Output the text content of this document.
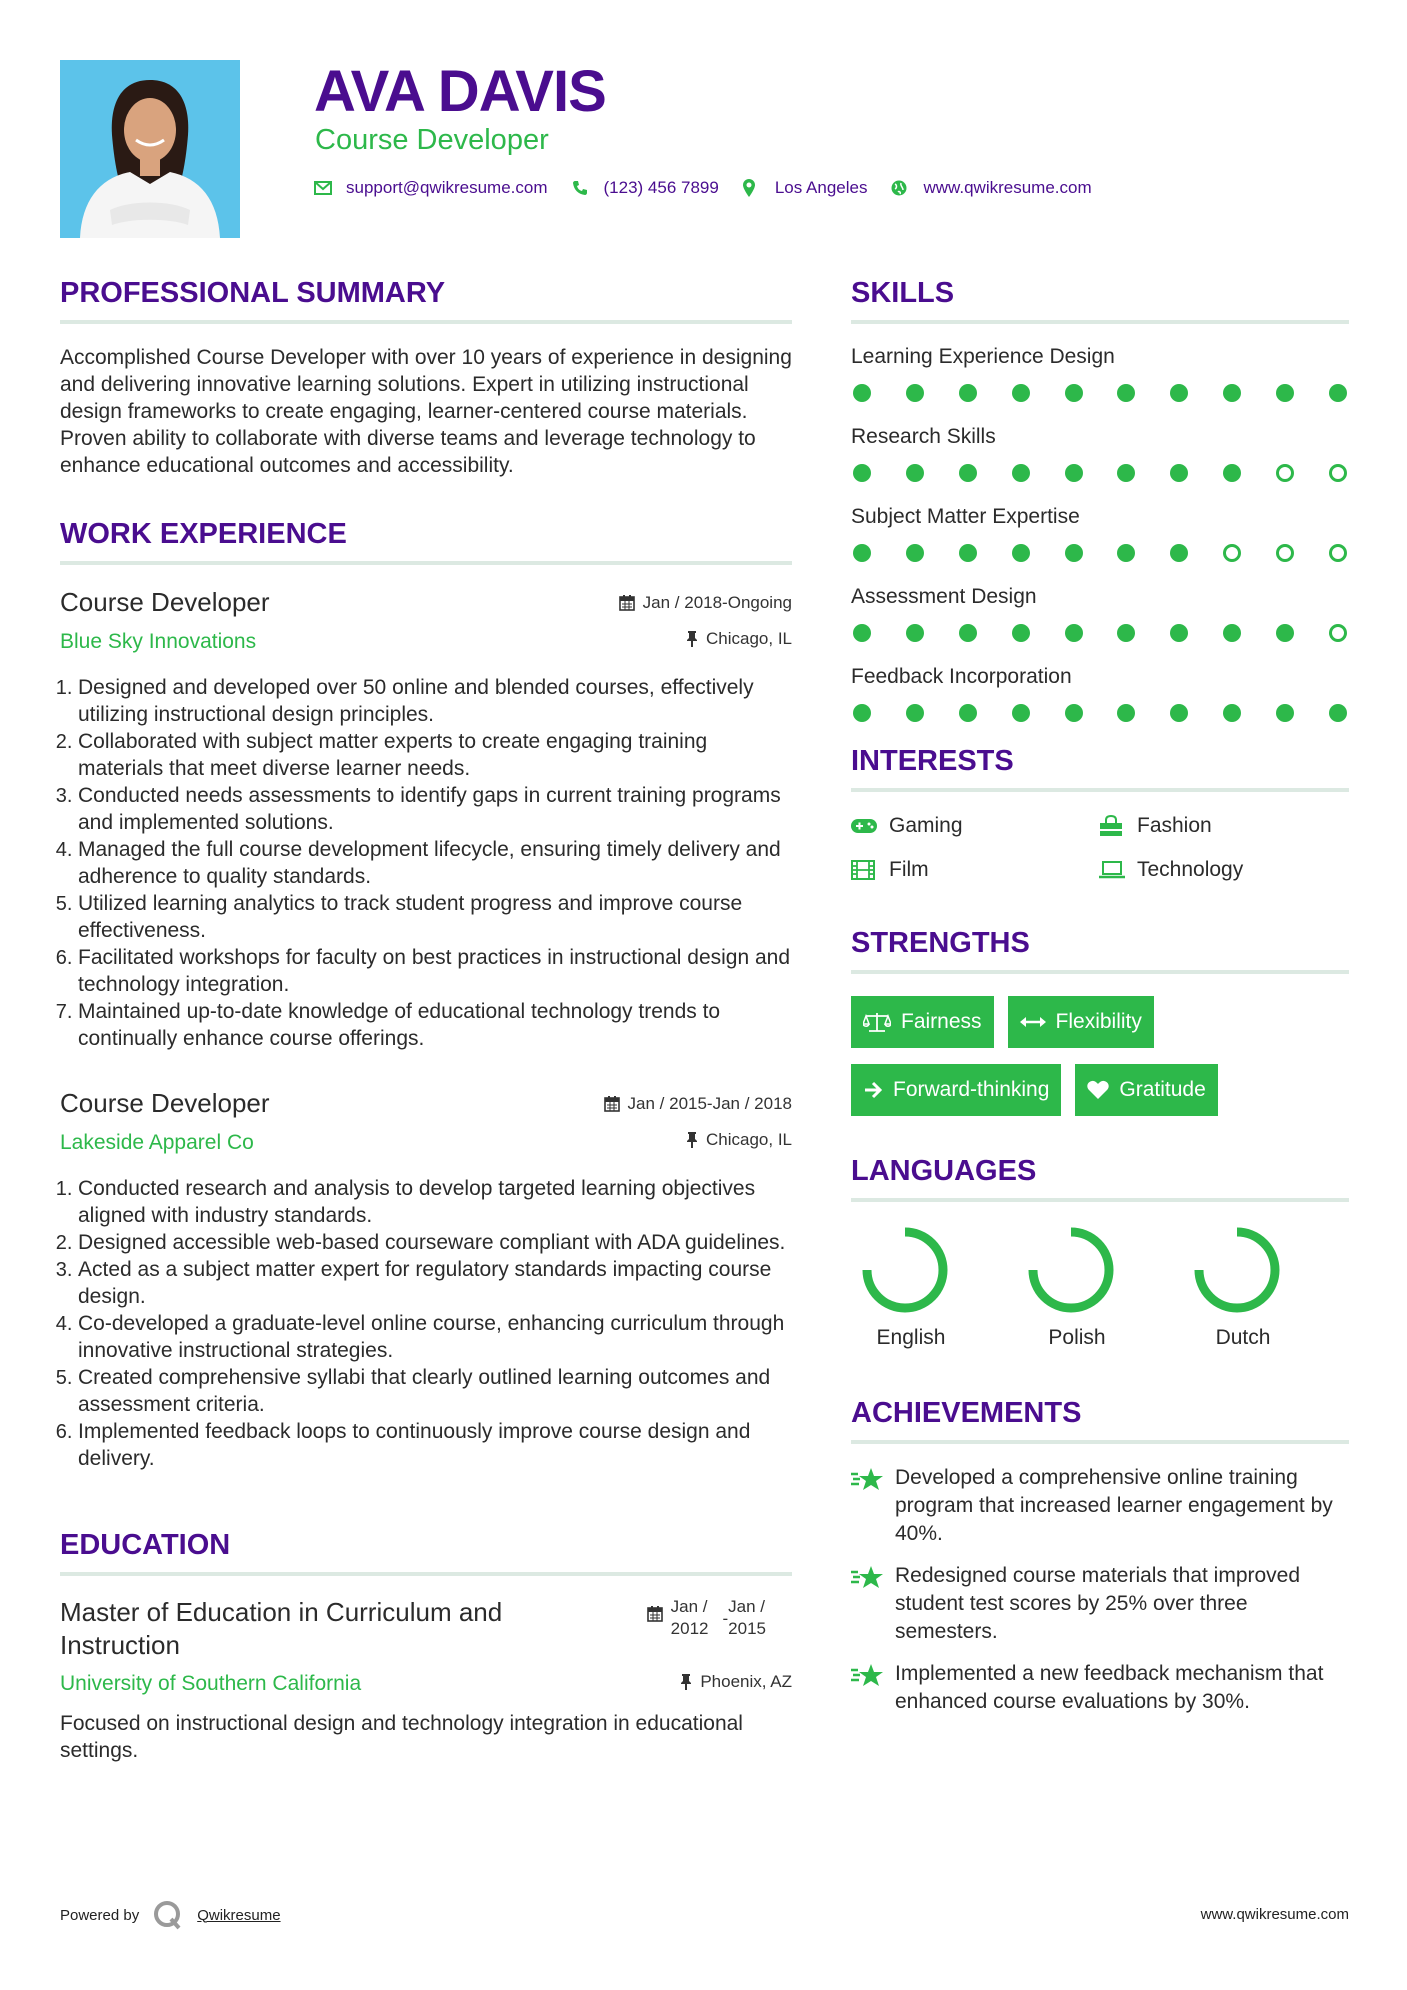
AVA DAVIS
Course Developer
support@qwikresume.com	(123) 456 7899	Los Angeles	www.qwikresume.com
PROFESSIONAL SUMMARY
Accomplished Course Developer with over 10 years of experience in designing and delivering innovative learning solutions. Expert in utilizing instructional design frameworks to create engaging, learner-centered course materials. Proven ability to collaborate with diverse teams and leverage technology to enhance educational outcomes and accessibility.
WORK EXPERIENCE
Course Developer
Blue Sky Innovations
Jan / 2018-Ongoing
Chicago, IL
1. Designed and developed over 50 online and blended courses, effectively utilizing instructional design principles.
2. Collaborated with subject matter experts to create engaging training materials that meet diverse learner needs.
3. Conducted needs assessments to identify gaps in current training programs and implemented solutions.
4. Managed the full course development lifecycle, ensuring timely delivery and adherence to quality standards.
5. Utilized learning analytics to track student progress and improve course effectiveness.
6. Facilitated workshops for faculty on best practices in instructional design and technology integration.
7. Maintained up-to-date knowledge of educational technology trends to continually enhance course offerings.
Course Developer
Lakeside Apparel Co
Jan / 2015-Jan / 2018
Chicago, IL
1. Conducted research and analysis to develop targeted learning objectives aligned with industry standards.
2. Designed accessible web-based courseware compliant with ADA guidelines.
3. Acted as a subject matter expert for regulatory standards impacting course design.
4. Co-developed a graduate-level online course, enhancing curriculum through innovative instructional strategies.
5. Created comprehensive syllabi that clearly outlined learning outcomes and assessment criteria.
6. Implemented feedback loops to continuously improve course design and delivery.
EDUCATION
Master of Education in Curriculum and Instruction
University of Southern California
Jan /
2012
-
Jan /
2015
Phoenix, AZ
Focused on instructional design and technology integration in educational settings.
SKILLS
Learning Experience Design
Research Skills
Subject Matter Expertise
Assessment Design
Feedback Incorporation
INTERESTS
Gaming	Fashion
Film	Technology
STRENGTHS
Fairness	Flexibility
Forward-thinking	Gratitude
LANGUAGES
English	Polish	Dutch
ACHIEVEMENTS
Developed a comprehensive online training program that increased learner engagement by 40%.
Redesigned course materials that improved student test scores by 25% over three semesters.
Implemented a new feedback mechanism that enhanced course evaluations by 30%.
Powered by	Qwikresume	www.qwikresume.com
